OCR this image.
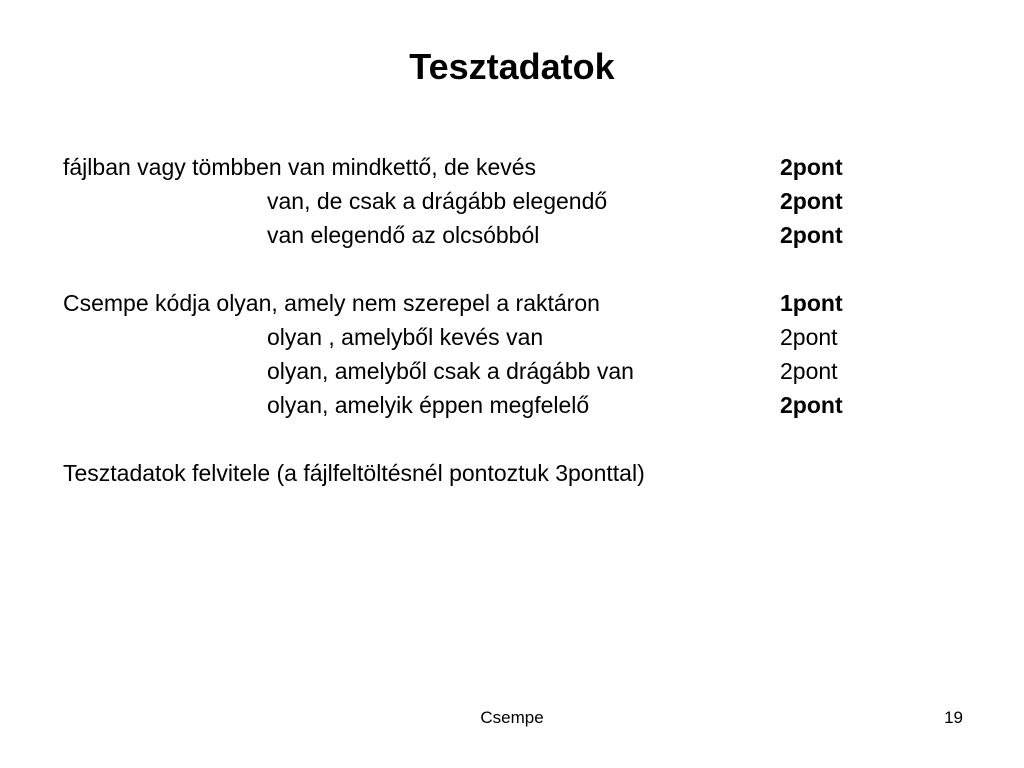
Tesztadatok
fájlban vagy tömbben van mindkettő, de kevés	2pont
van, de csak a drágább elegendő	2pont
van elegendő az olcsóbból	2pont
Csempe kódja olyan, amely nem szerepel a raktáron	1pont
olyan , amelyből kevés van	2pont
olyan, amelyből csak a drágább van	2pont
olyan, amelyik éppen megfelelő	2pont
Tesztadatok felvitele (a fájlfeltöltésnél pontoztuk 3ponttal)
Csempe	19
